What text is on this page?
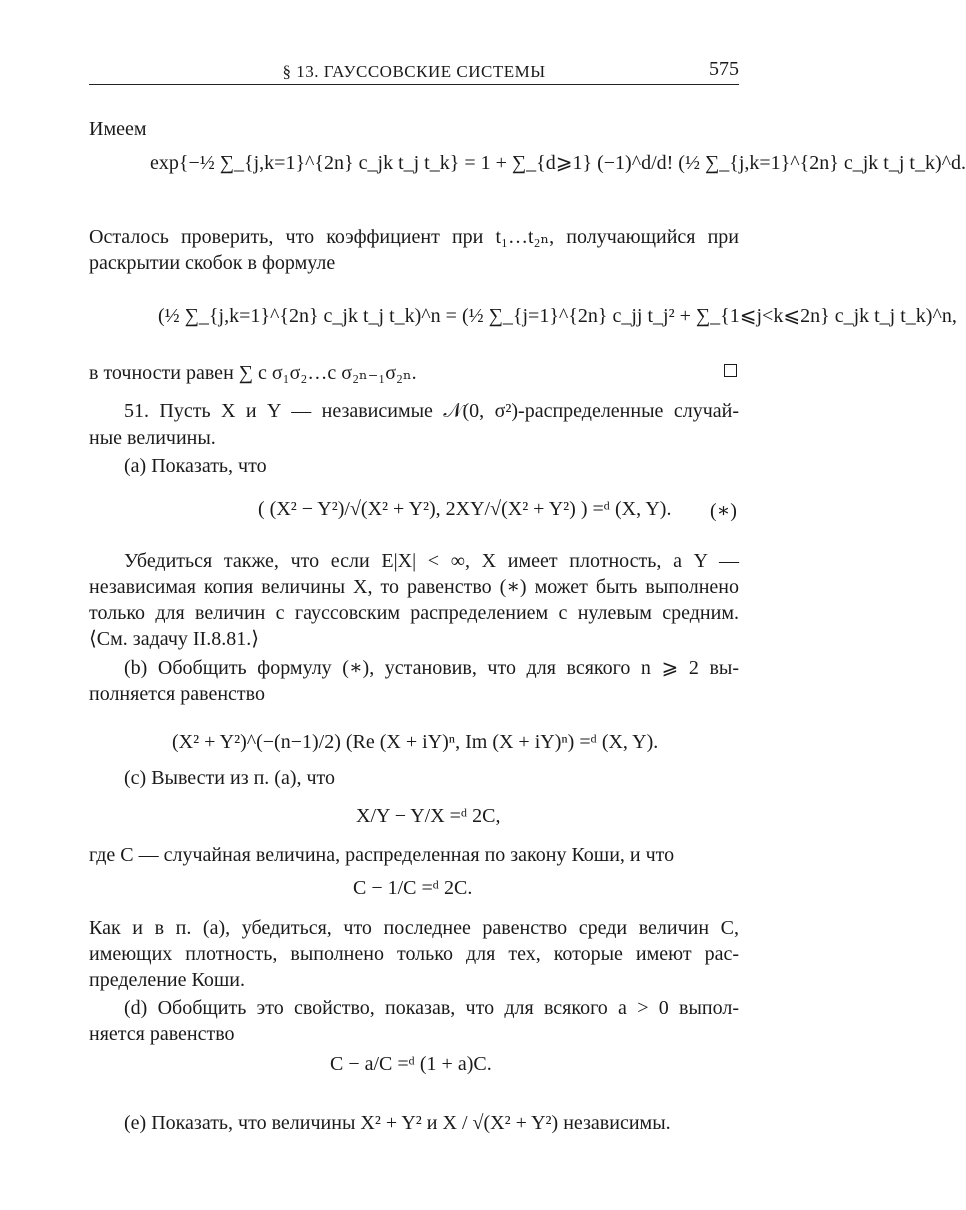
§ 13. ГАУССОВСКИЕ СИСТЕМЫ	575
Имеем
exp{−½ ∑_{j,k=1}^{2n} c_jk t_j t_k} = 1 + ∑_{d⩾1} (−1)^d/d! (½ ∑_{j,k=1}^{2n} c_jk t_j t_k)^d.
Осталось проверить, что коэффициент при t₁…t₂ₙ, получающийся при
раскрытии скобок в формуле
(½ ∑_{j,k=1}^{2n} c_jk t_j t_k)^n = (½ ∑_{j=1}^{2n} c_jj t_j² + ∑_{1⩽j<k⩽2n} c_jk t_j t_k)^n,
в точности равен ∑ c σ₁σ₂…c σ₂ₙ₋₁σ₂ₙ.
51. Пусть X и Y — независимые 𝒩(0, σ²)-распределенные случай-
ные величины.
(a) Показать, что
( (X² − Y²)/√(X² + Y²), 2XY/√(X² + Y²) ) =ᵈ (X, Y). (∗)
Убедиться также, что если E|X| < ∞, X имеет плотность, а Y —
независимая копия величины X, то равенство (∗) может быть выполнено
только для величин с гауссовским распределением с нулевым средним.
⟨См. задачу II.8.81.⟩
(b) Обобщить формулу (∗), установив, что для всякого n ⩾ 2 вы-
полняется равенство
(X² + Y²)^(−(n−1)/2) (Re (X + iY)ⁿ, Im (X + iY)ⁿ) =ᵈ (X, Y).
(c) Вывести из п. (a), что
X/Y − Y/X =ᵈ 2C,
где C — случайная величина, распределенная по закону Коши, и что
C − 1/C =ᵈ 2C.
Как и в п. (a), убедиться, что последнее равенство среди величин C,
имеющих плотность, выполнено только для тех, которые имеют рас-
пределение Коши.
(d) Обобщить это свойство, показав, что для всякого a > 0 выпол-
няется равенство
C − a/C =ᵈ (1 + a)C.
(e) Показать, что величины X² + Y² и X / √(X² + Y²) независимы.
